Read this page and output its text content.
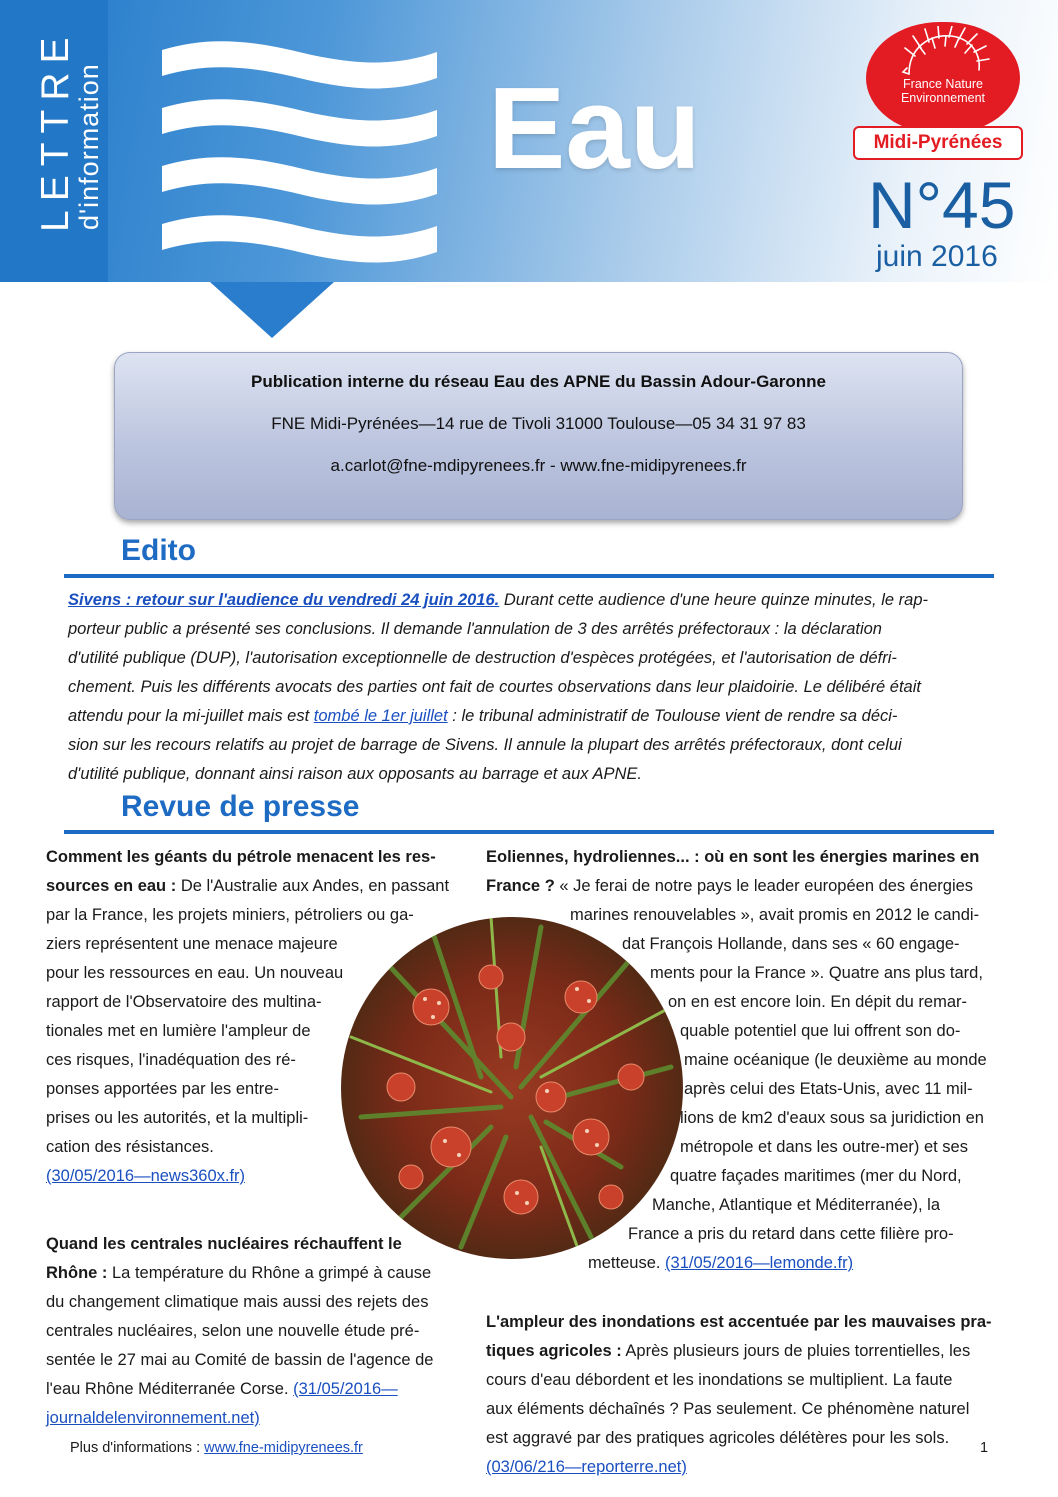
LETTRE
d'information	Eau
N°45
juin 2016
France Nature
Environnement
Midi-Pyrénées
Publication interne du réseau Eau des APNE du Bassin Adour-Garonne
FNE Midi-Pyrénées—14 rue de Tivoli 31000 Toulouse—05 34 31 97 83
a.carlot@fne-mdipyrenees.fr - www.fne-midipyrenees.fr
Edito
Sivens : retour sur l'audience du vendredi 24 juin 2016. Durant cette audience d'une heure quinze minutes, le rap-
porteur public a présenté ses conclusions. Il demande l'annulation de 3 des arrêtés préfectoraux : la déclaration
d'utilité publique (DUP), l'autorisation exceptionnelle de destruction d'espèces protégées, et l'autorisation de défri-
chement. Puis les différents avocats des parties ont fait de courtes observations dans leur plaidoirie. Le délibéré était
attendu pour la mi-juillet mais est tombé le 1er juillet : le tribunal administratif de Toulouse vient de rendre sa déci-
sion sur les recours relatifs au projet de barrage de Sivens. Il annule la plupart des arrêtés préfectoraux, dont celui
d'utilité publique, donnant ainsi raison aux opposants au barrage et aux APNE.
Revue de presse
Comment les géants du pétrole menacent les res-
sources en eau : De l'Australie aux Andes, en passant
par la France, les projets miniers, pétroliers ou ga-
ziers représentent une menace majeure
pour les ressources en eau. Un nouveau
rapport de l'Observatoire des multina-
tionales met en lumière l'ampleur de
ces risques, l'inadéquation des ré-
ponses apportées par les entre-
prises ou les autorités, et la multipli-
cation des résistances.
(30/05/2016—news360x.fr)
Quand les centrales nucléaires réchauffent le
Rhône : La température du Rhône a grimpé à cause
du changement climatique mais aussi des rejets des
centrales nucléaires, selon une nouvelle étude pré-
sentée le 27 mai au Comité de bassin de l'agence de
l'eau Rhône Méditerranée Corse. (31/05/2016—
journaldelenvironnement.net)
Eoliennes, hydroliennes... : où en sont les énergies marines en
France ? « Je ferai de notre pays le leader européen des énergies
marines renouvelables », avait promis en 2012 le candi-
dat François Hollande, dans ses « 60 engage-
ments pour la France ». Quatre ans plus tard,
on en est encore loin. En dépit du remar-
quable potentiel que lui offrent son do-
maine océanique (le deuxième au monde
après celui des Etats-Unis, avec 11 mil-
lions de km2 d'eaux sous sa juridiction en
métropole et dans les outre-mer) et ses
quatre façades maritimes (mer du Nord,
Manche, Atlantique et Méditerranée), la
France a pris du retard dans cette filière pro-
metteuse. (31/05/2016—lemonde.fr)
L'ampleur des inondations est accentuée par les mauvaises pra-
tiques agricoles : Après plusieurs jours de pluies torrentielles, les
cours d'eau débordent et les inondations se multiplient. La faute
aux éléments déchaînés ? Pas seulement. Ce phénomène naturel
est aggravé par des pratiques agricoles délétères pour les sols.
(03/06/216—reporterre.net)
Plus d'informations : www.fne-midipyrenees.fr	1
